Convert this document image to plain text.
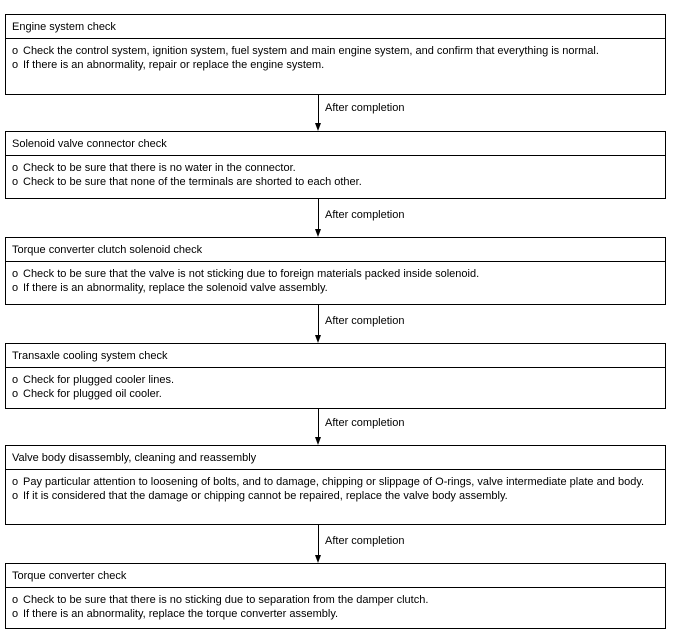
Engine system check
o Check the control system, ignition system, fuel system and main engine system, and confirm that everything is normal.
o If there is an abnormality, repair or replace the engine system.
After completion
Solenoid valve connector check
o Check to be sure that there is no water in the connector.
o Check to be sure that none of the terminals are shorted to each other.
After completion
Torque converter clutch solenoid check
o Check to be sure that the valve is not sticking due to foreign materials packed inside solenoid.
o If there is an abnormality, replace the solenoid valve assembly.
After completion
Transaxle cooling system check
o Check for plugged cooler lines.
o Check for plugged oil cooler.
After completion
Valve body disassembly, cleaning and reassembly
o Pay particular attention to loosening of bolts, and to damage, chipping or slippage of O-rings, valve intermediate plate and body.
o If it is considered that the damage or chipping cannot be repaired, replace the valve body assembly.
After completion
Torque converter check
o Check to be sure that there is no sticking due to separation from the damper clutch.
o If there is an abnormality, replace the torque converter assembly.
